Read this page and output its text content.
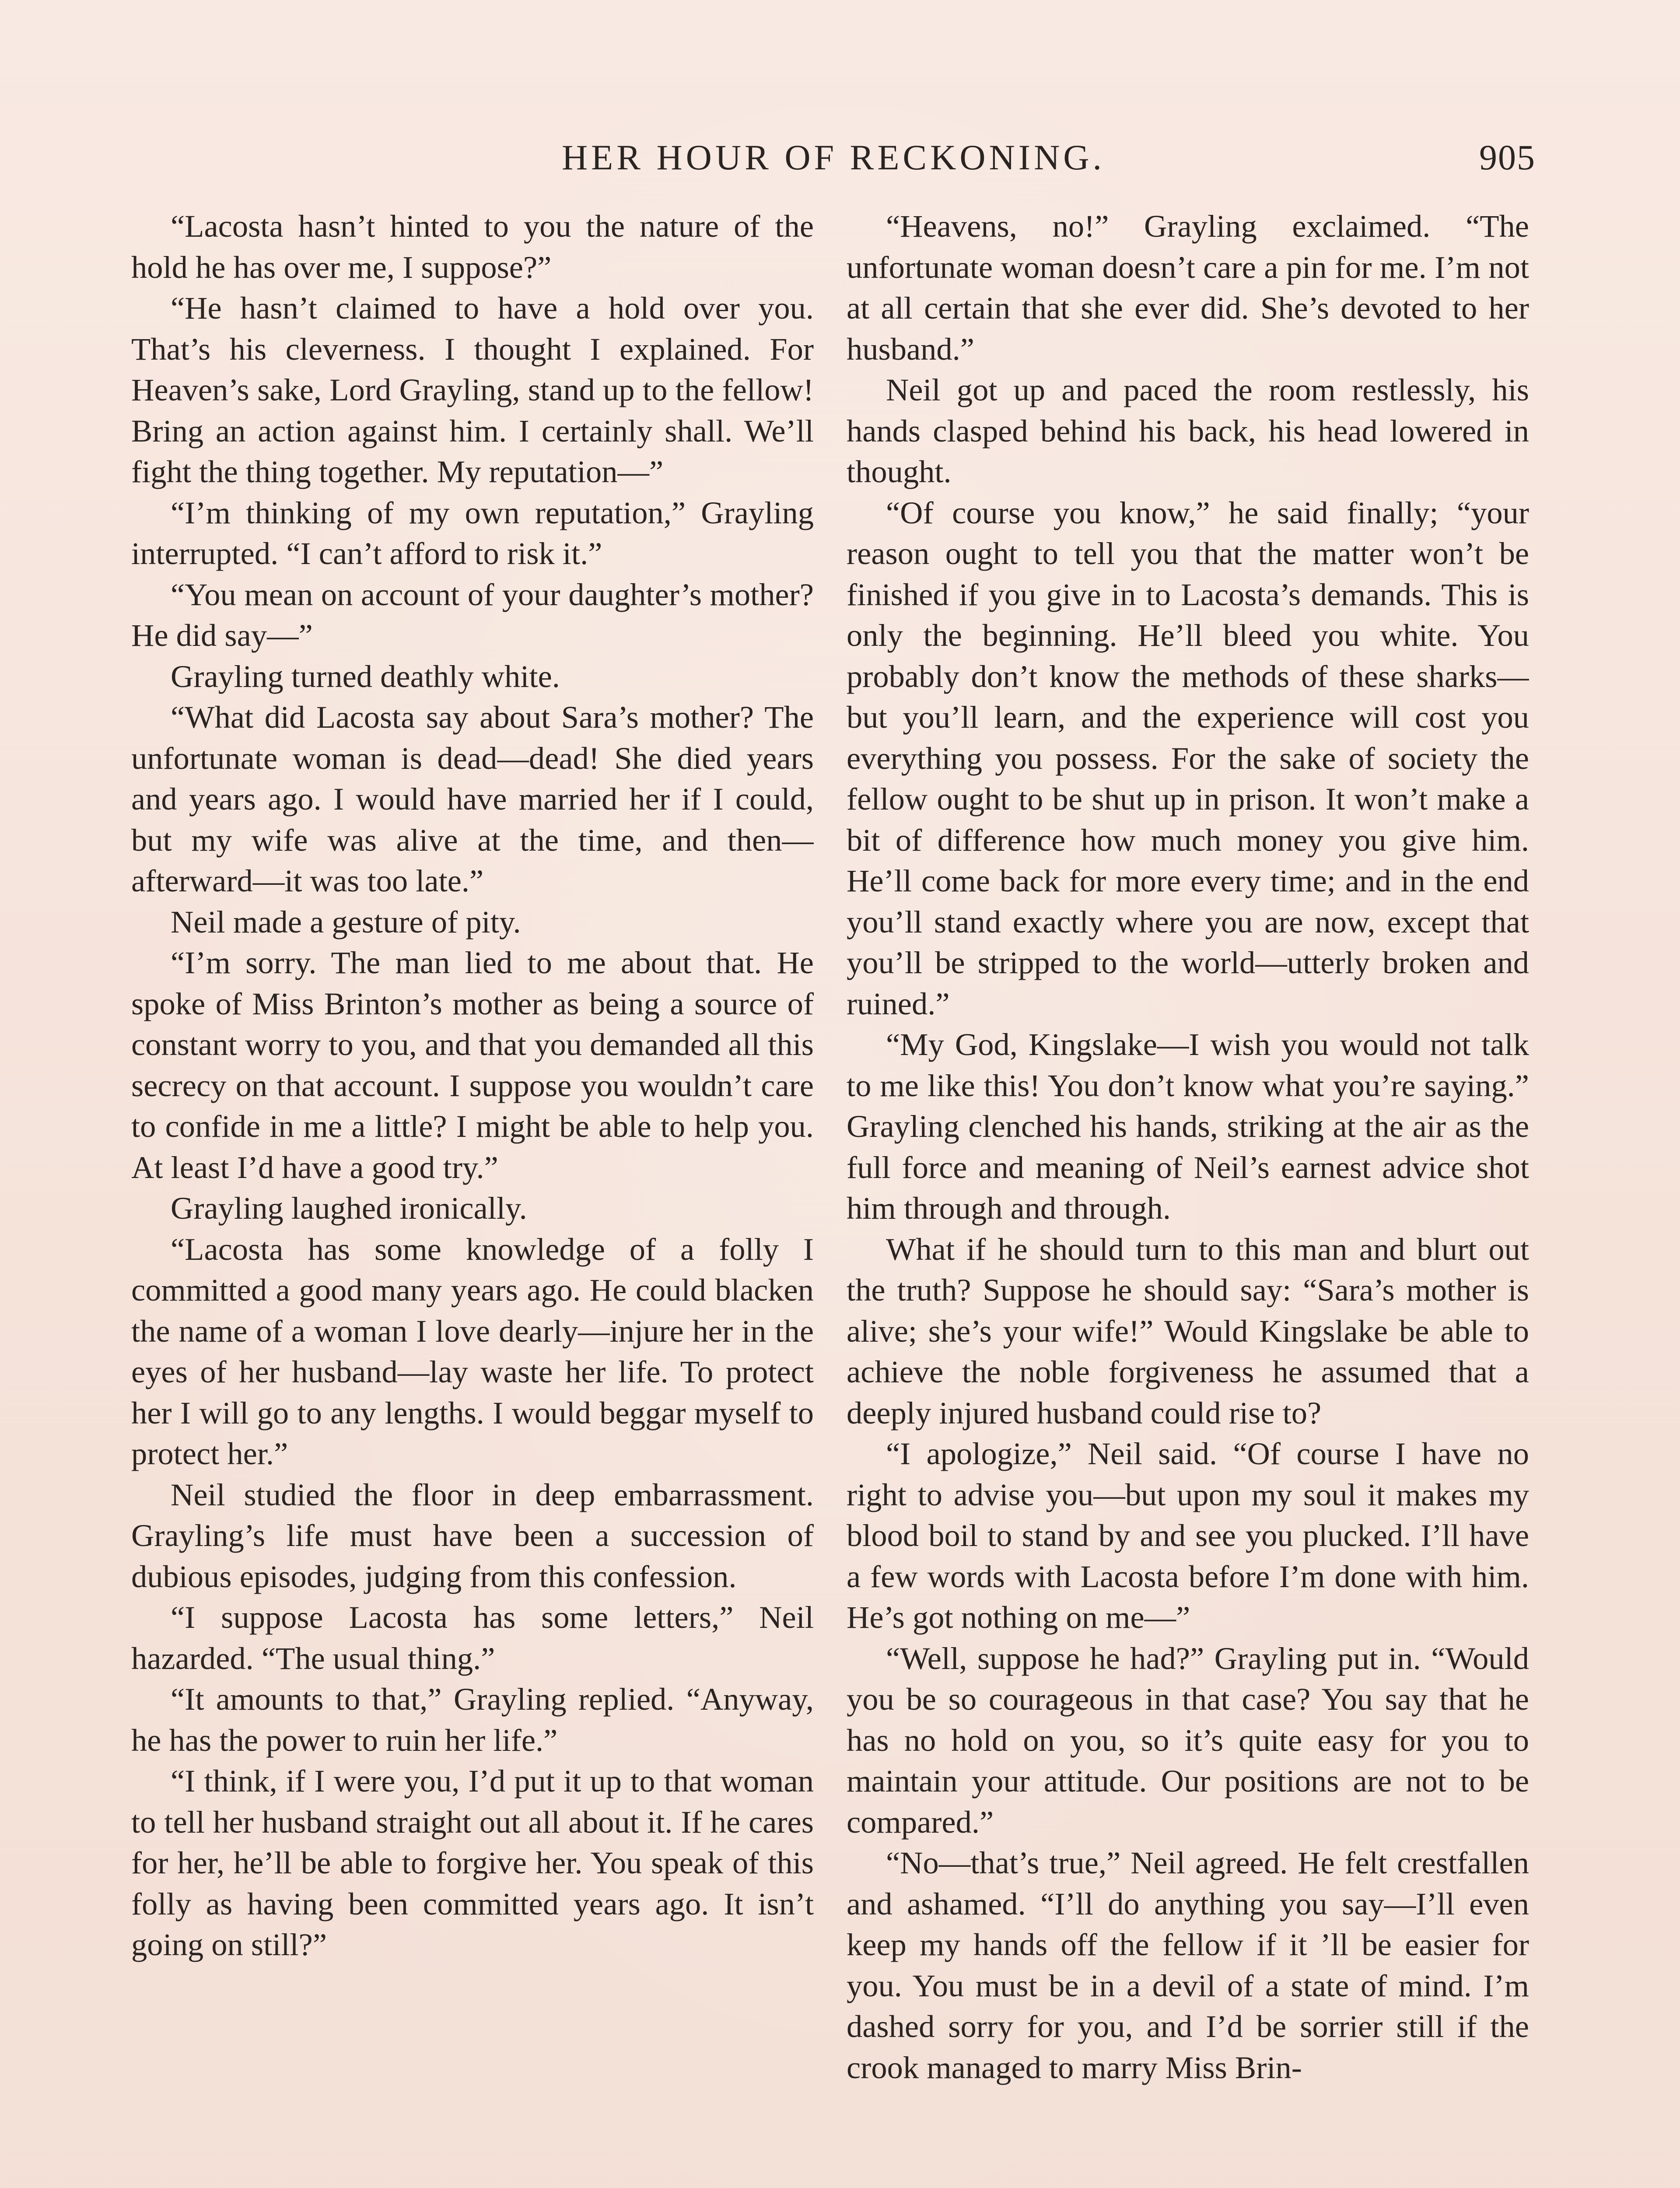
HER HOUR OF RECKONING.	905

“Lacosta hasn’t hinted to you the nature of the hold he has over me, I suppose?”

“He hasn’t claimed to have a hold over you. That’s his cleverness. I thought I explained. For Heaven’s sake, Lord Grayling, stand up to the fellow! Bring an action against him. I certainly shall. We’ll fight the thing together. My reputation—”

“I’m thinking of my own reputation,” Grayling interrupted. “I can’t afford to risk it.”

“You mean on account of your daughter’s mother? He did say—”

Grayling turned deathly white.

“What did Lacosta say about Sara’s mother? The unfortunate woman is dead—dead! She died years and years ago. I would have married her if I could, but my wife was alive at the time, and then—afterward—it was too late.”

Neil made a gesture of pity.

“I’m sorry. The man lied to me about that. He spoke of Miss Brinton’s mother as being a source of constant worry to you, and that you demanded all this secrecy on that account. I suppose you wouldn’t care to confide in me a little? I might be able to help you. At least I’d have a good try.”

Grayling laughed ironically.

“Lacosta has some knowledge of a folly I committed a good many years ago. He could blacken the name of a woman I love dearly—injure her in the eyes of her husband—lay waste her life. To protect her I will go to any lengths. I would beggar myself to protect her.”

Neil studied the floor in deep embarrassment. Grayling’s life must have been a succession of dubious episodes, judging from this confession.

“I suppose Lacosta has some letters,” Neil hazarded. “The usual thing.”

“It amounts to that,” Grayling replied. “Anyway, he has the power to ruin her life.”

“I think, if I were you, I’d put it up to that woman to tell her husband straight out all about it. If he cares for her, he’ll be able to forgive her. You speak of this folly as having been committed years ago. It isn’t going on still?”

“Heavens, no!” Grayling exclaimed. “The unfortunate woman doesn’t care a pin for me. I’m not at all certain that she ever did. She’s devoted to her husband.”

Neil got up and paced the room restlessly, his hands clasped behind his back, his head lowered in thought.

“Of course you know,” he said finally; “your reason ought to tell you that the matter won’t be finished if you give in to Lacosta’s demands. This is only the beginning. He’ll bleed you white. You probably don’t know the methods of these sharks—but you’ll learn, and the experience will cost you everything you possess. For the sake of society the fellow ought to be shut up in prison. It won’t make a bit of difference how much money you give him. He’ll come back for more every time; and in the end you’ll stand exactly where you are now, except that you’ll be stripped to the world—utterly broken and ruined.”

“My God, Kingslake—I wish you would not talk to me like this! You don’t know what you’re saying.” Grayling clenched his hands, striking at the air as the full force and meaning of Neil’s earnest advice shot him through and through.

What if he should turn to this man and blurt out the truth? Suppose he should say: “Sara’s mother is alive; she’s your wife!” Would Kingslake be able to achieve the noble forgiveness he assumed that a deeply injured husband could rise to?

“I apologize,” Neil said. “Of course I have no right to advise you—but upon my soul it makes my blood boil to stand by and see you plucked. I’ll have a few words with Lacosta before I’m done with him. He’s got nothing on me—”

“Well, suppose he had?” Grayling put in. “Would you be so courageous in that case? You say that he has no hold on you, so it’s quite easy for you to maintain your attitude. Our positions are not to be compared.”

“No—that’s true,” Neil agreed. He felt crestfallen and ashamed. “I’ll do anything you say—I’ll even keep my hands off the fellow if it ’ll be easier for you. You must be in a devil of a state of mind. I’m dashed sorry for you, and I’d be sorrier still if the crook managed to marry Miss Brin-
